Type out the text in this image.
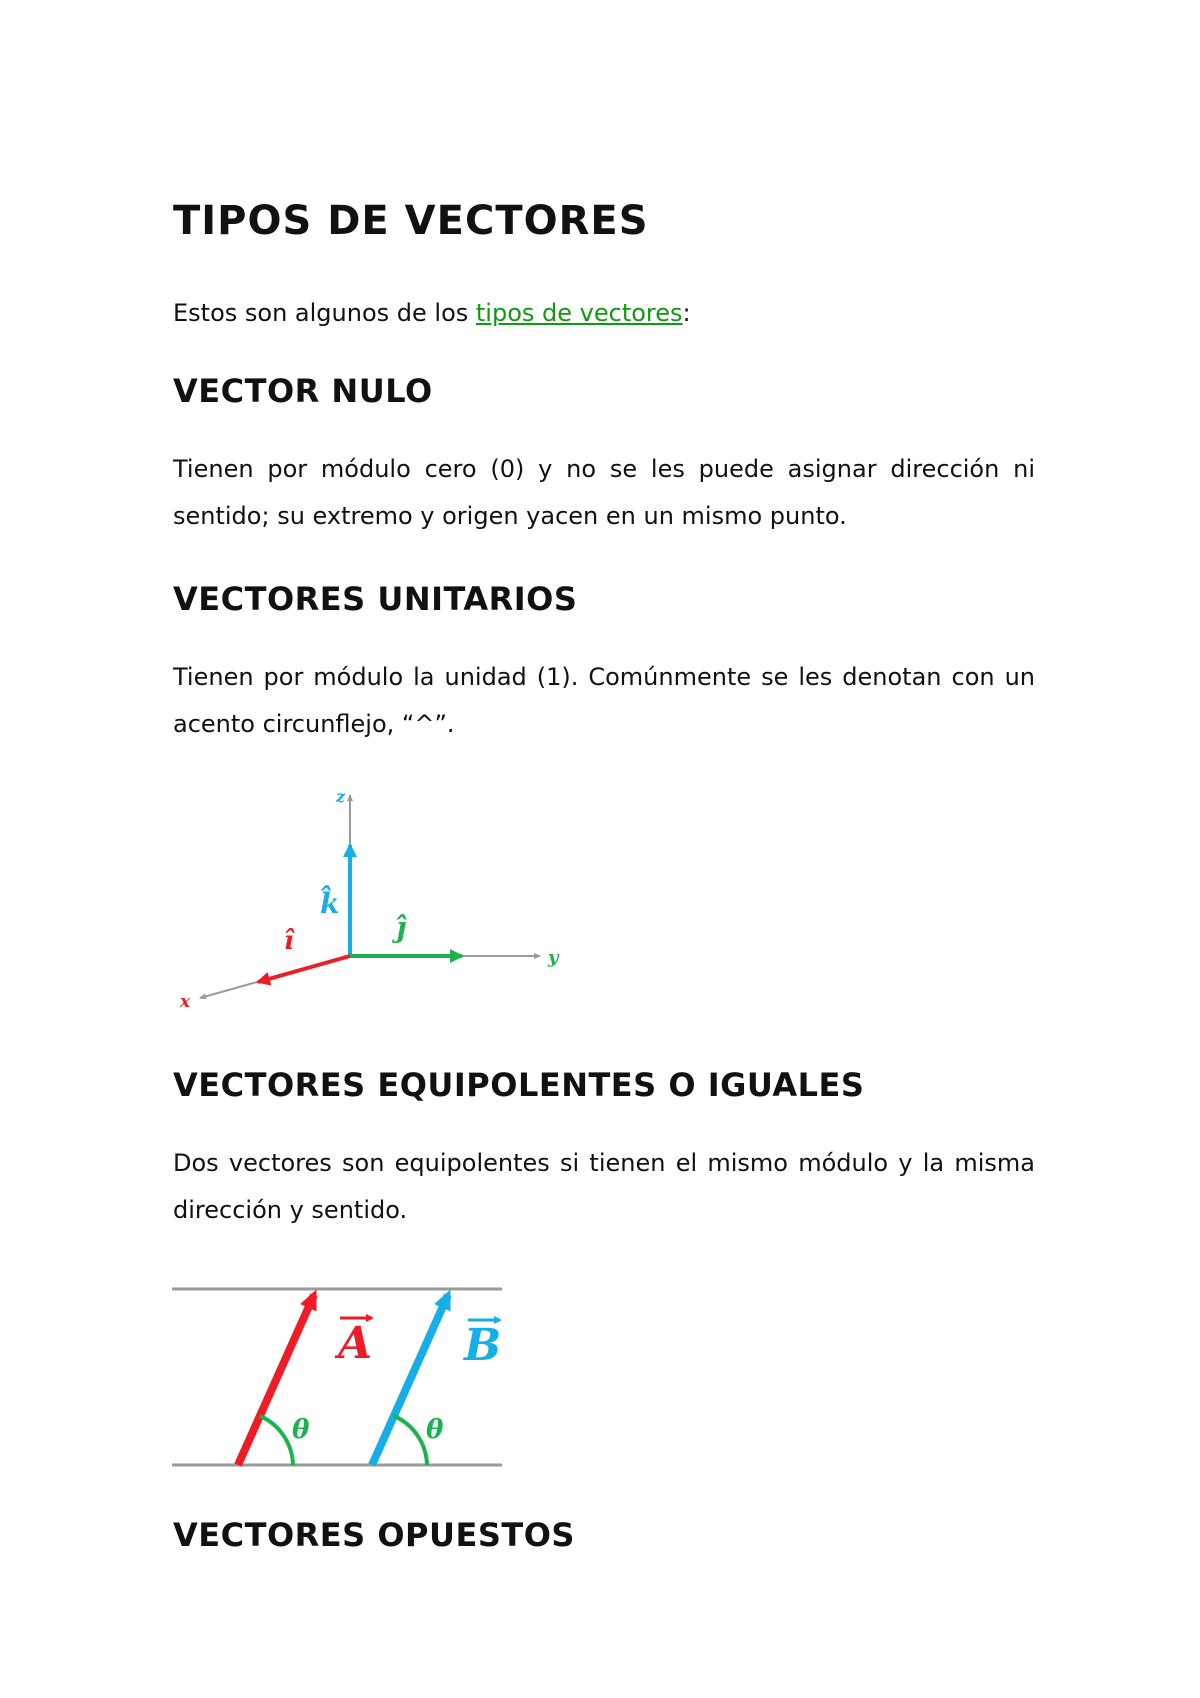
TIPOS DE VECTORES

Estos son algunos de los tipos de vectores:

VECTOR NULO

Tienen por módulo cero (0) y no se les puede asignar dirección ni sentido; su extremo y origen yacen en un mismo punto.

VECTORES UNITARIOS

Tienen por módulo la unidad (1). Comúnmente se les denotan con un acento circunflejo, “^”.

z
y
x
k̂
ĵ
î
VECTORES EQUIPOLENTES O IGUALES

Dos vectores son equipolentes si tienen el mismo módulo y la misma dirección y sentido.

θ	θ
A B
VECTORES OPUESTOS
